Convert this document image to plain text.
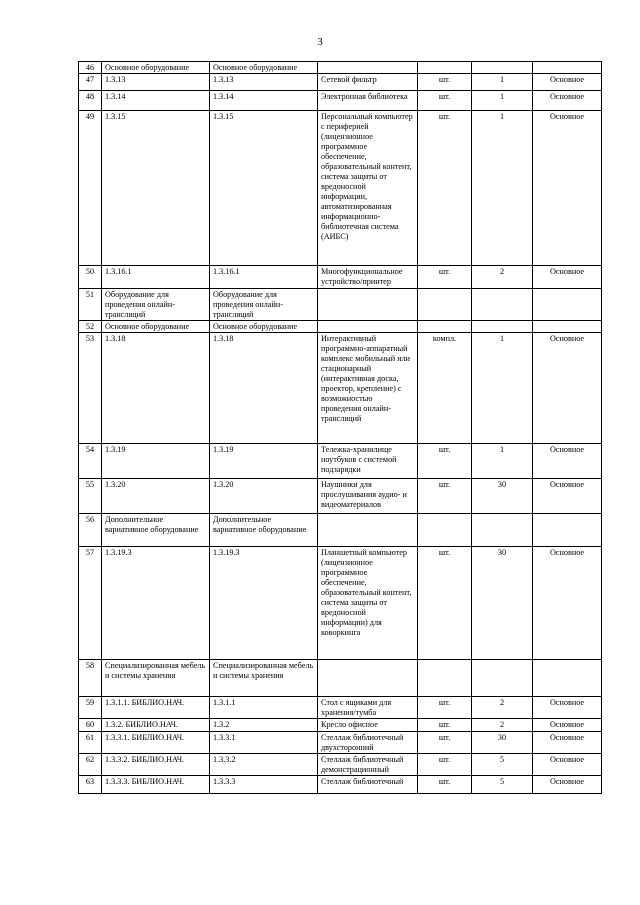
3
46	Основное оборудование	Основное оборудование				
47	1.3.13	1.3.13	Сетевой фильтр	шт.	1	Основное
48	1.3.14	1.3.14	Электронная библиотека	шт.	1	Основное
49	1.3.15	1.3.15	Персональный компьютер с периферией (лицензионное программное обеспечение, образовательный контент, система защиты от вредоносной информации, автоматизированная информационно-библиотечная система (АИБС)	шт.	1	Основное
50	1.3.16.1	1.3.16.1	Многофункциональное устройство/принтер	шт.	2	Основное
51	Оборудование для проведения онлайн-трансляций	Оборудование для проведения онлайн-трансляций				
52	Основное оборудование	Основное оборудование				
53	1.3.18	1.3.18	Интерактивный программно-аппаратный комплекс мобильный или стационарный (интерактивная доска, проектор, крепление) с возможностью проведения онлайн-трансляций	компл.	1	Основное
54	1.3.19	1.3.19	Тележка-хранилище ноутбуков с системой подзарядки	шт.	1	Основное
55	1.3.20	1.3.20	Наушники для прослушивания аудио- и видеоматериалов	шт.	30	Основное
56	Дополнительное вариативное оборудование	Дополнительное вариативное оборудование				
57	1.3.19.3	1.3.19.3	Планшетный компьютер (лицензионное программное обеспечение, образовательный контент, система защиты от вредоносной информации) для коворкинга	шт.	30	Основное
58	Специализированная мебель и системы хранения	Специализированная мебель и системы хранения				
59	1.3.1.1. БИБЛИО.НАЧ.	1.3.1.1	Стол с ящиками для хранения/тумба	шт.	2	Основное
60	1.3.2. БИБЛИО.НАЧ.	1.3.2	Кресло офисное	шт.	2	Основное
61	1.3.3.1. БИБЛИО.НАЧ.	1.3.3.1	Стеллаж библиотечный двухсторонний	шт.	30	Основное
62	1.3.3.2. БИБЛИО.НАЧ.	1.3.3.2	Стеллаж библиотечный демонстрационный	шт.	5	Основное
63	1.3.3.3. БИБЛИО.НАЧ.	1.3.3.3	Стеллаж библиотечный	шт.	5	Основное
